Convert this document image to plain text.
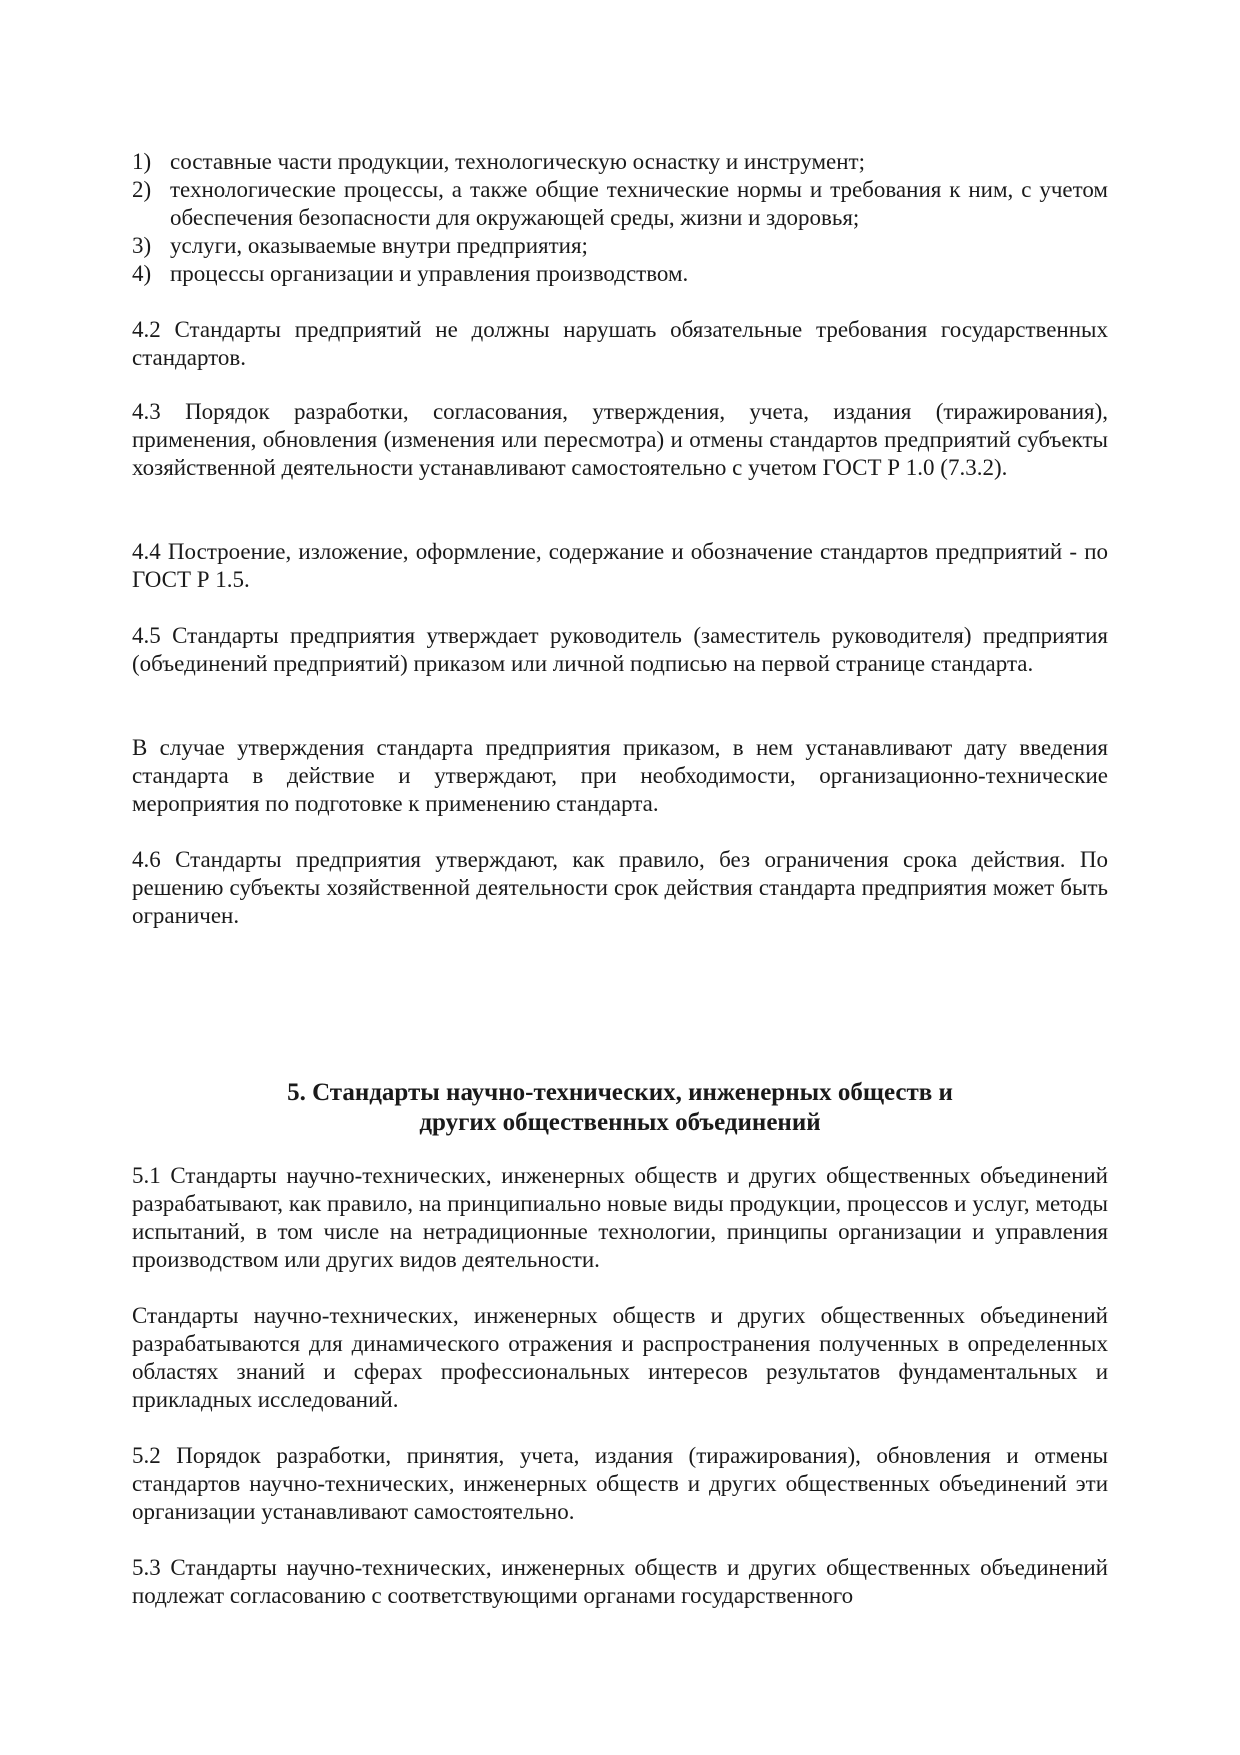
1) составные части продукции, технологическую оснастку и инструмент;
2) технологические процессы, а также общие технические нормы и требования к ним, с учетом обеспечения безопасности для окружающей среды, жизни и здоровья;
3) услуги, оказываемые внутри предприятия;
4) процессы организации и управления производством.

4.2 Стандарты предприятий не должны нарушать обязательные требования государственных стандартов.

4.3 Порядок разработки, согласования, утверждения, учета, издания (тиражирования), применения, обновления (изменения или пересмотра) и отмены стандартов предприятий субъекты хозяйственной деятельности устанавливают самостоятельно с учетом ГОСТ Р 1.0 (7.3.2).

4.4 Построение, изложение, оформление, содержание и обозначение стандартов предприятий - по ГОСТ Р 1.5.

4.5 Стандарты предприятия утверждает руководитель (заместитель руководителя) предприятия (объединений предприятий) приказом или личной подписью на первой странице стандарта.

В случае утверждения стандарта предприятия приказом, в нем устанавливают дату введения стандарта в действие и утверждают, при необходимости, организационно-технические мероприятия по подготовке к применению стандарта.

4.6 Стандарты предприятия утверждают, как правило, без ограничения срока действия. По решению субъекты хозяйственной деятельности срок действия стандарта предприятия может быть ограничен.

5. Стандарты научно-технических, инженерных обществ и
других общественных объединений

5.1 Стандарты научно-технических, инженерных обществ и других общественных объединений разрабатывают, как правило, на принципиально новые виды продукции, процессов и услуг, методы испытаний, в том числе на нетрадиционные технологии, принципы организации и управления производством или других видов деятельности.

Стандарты научно-технических, инженерных обществ и других общественных объединений разрабатываются для динамического отражения и распространения полученных в определенных областях знаний и сферах профессиональных интересов результатов фундаментальных и прикладных исследований.

5.2 Порядок разработки, принятия, учета, издания (тиражирования), обновления и отмены стандартов научно-технических, инженерных обществ и других общественных объединений эти организации устанавливают самостоятельно.

5.3 Стандарты научно-технических, инженерных обществ и других общественных объединений подлежат согласованию с соответствующими органами государственного
